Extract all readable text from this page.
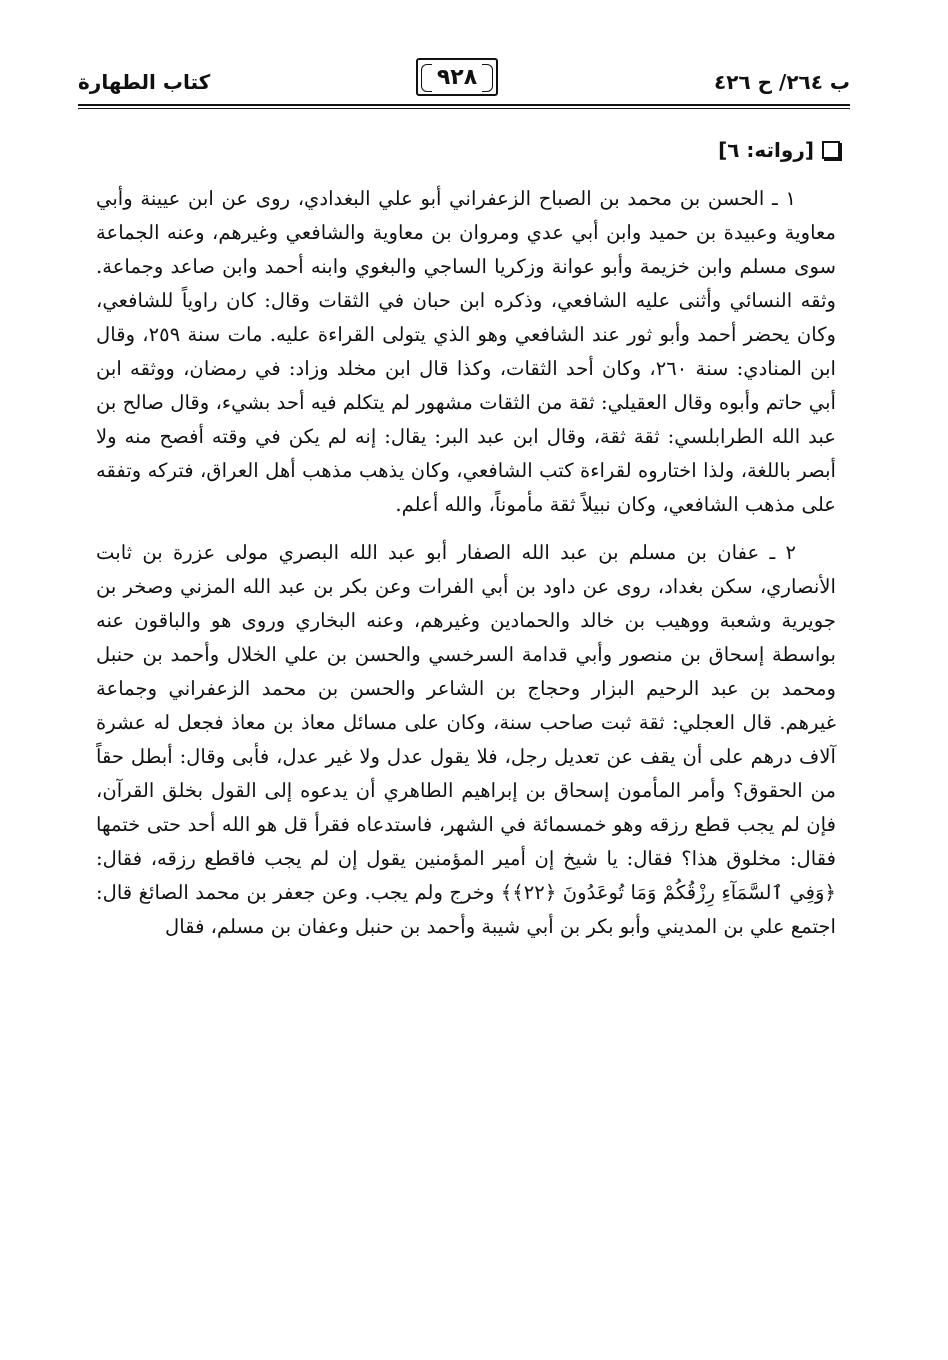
ب ٢٦٤/ ح ٤٢٦
٩٢٨
كتاب الطهارة
[رواته: ٦]

١ ـ الحسن بن محمد بن الصباح الزعفراني أبو علي البغدادي، روى عن ابن عيينة وأبي معاوية وعبيدة بن حميد وابن أبي عدي ومروان بن معاوية والشافعي وغيرهم، وعنه الجماعة سوى مسلم وابن خزيمة وأبو عوانة وزكريا الساجي والبغوي وابنه أحمد وابن صاعد وجماعة. وثقه النسائي وأثنى عليه الشافعي، وذكره ابن حبان في الثقات وقال: كان راوياً للشافعي، وكان يحضر أحمد وأبو ثور عند الشافعي وهو الذي يتولى القراءة عليه. مات سنة ٢٥٩، وقال ابن المنادي: سنة ٢٦٠، وكان أحد الثقات، وكذا قال ابن مخلد وزاد: في رمضان، ووثقه ابن أبي حاتم وأبوه وقال العقيلي: ثقة من الثقات مشهور لم يتكلم فيه أحد بشيء، وقال صالح بن عبد الله الطرابلسي: ثقة ثقة، وقال ابن عبد البر: يقال: إنه لم يكن في وقته أفصح منه ولا أبصر باللغة، ولذا اختاروه لقراءة كتب الشافعي، وكان يذهب مذهب أهل العراق، فتركه وتفقه على مذهب الشافعي، وكان نبيلاً ثقة مأموناً، والله أعلم.

٢ ـ عفان بن مسلم بن عبد الله الصفار أبو عبد الله البصري مولى عزرة بن ثابت الأنصاري، سكن بغداد، روى عن داود بن أبي الفرات وعن بكر بن عبد الله المزني وصخر بن جويرية وشعبة ووهيب بن خالد والحمادين وغيرهم، وعنه البخاري وروى هو والباقون عنه بواسطة إسحاق بن منصور وأبي قدامة السرخسي والحسن بن علي الخلال وأحمد بن حنبل ومحمد بن عبد الرحيم البزار وحجاج بن الشاعر والحسن بن محمد الزعفراني وجماعة غيرهم. قال العجلي: ثقة ثبت صاحب سنة، وكان على مسائل معاذ بن معاذ فجعل له عشرة آلاف درهم على أن يقف عن تعديل رجل، فلا يقول عدل ولا غير عدل، فأبى وقال: أبطل حقاً من الحقوق؟ وأمر المأمون إسحاق بن إبراهيم الطاهري أن يدعوه إلى القول بخلق القرآن، فإن لم يجب قطع رزقه وهو خمسمائة في الشهر، فاستدعاه فقرأ قل هو الله أحد حتى ختمها فقال: مخلوق هذا؟ فقال: يا شيخ إن أمير المؤمنين يقول إن لم يجب فاقطع رزقه، فقال: ﴿وَفِي ٱلسَّمَآءِ رِزْقُكُمْ وَمَا تُوعَدُونَ ﴿٢٢﴾﴾ وخرج ولم يجب. وعن جعفر بن محمد الصائغ قال: اجتمع علي بن المديني وأبو بكر بن أبي شيبة وأحمد بن حنبل وعفان بن مسلم، فقال
